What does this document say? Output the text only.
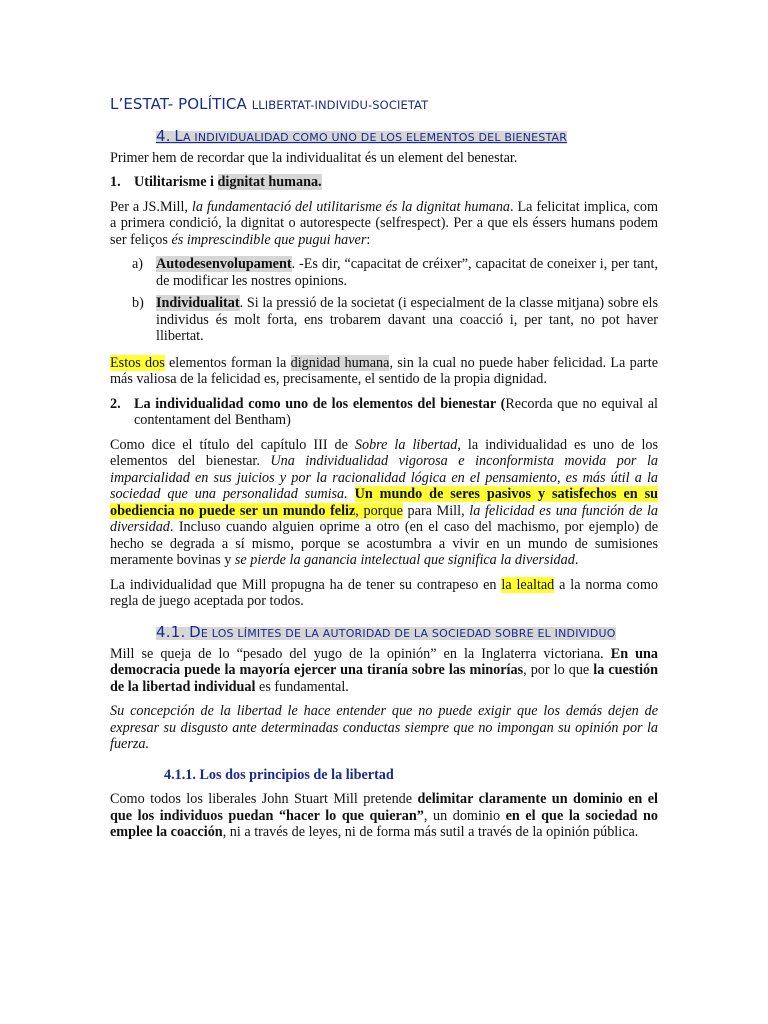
L’ESTAT- POLÍTICA LLIBERTAT-INDIVIDU-SOCIETAT
4. LA INDIVIDUALIDAD COMO UNO DE LOS ELEMENTOS DEL BIENESTAR

Primer hem de recordar que la individualitat és un element del benestar.

1. Utilitarisme i dignitat humana.

Per a JS.Mill, la fundamentació del utilitarisme és la dignitat humana. La felicitat implica, com a primera condició, la dignitat o autorespecte (selfrespect). Per a que els éssers humans podem ser feliços és imprescindible que pugui haver:

a) Autodesenvolupament. -Es dir, “capacitat de créixer”, capacitat de coneixer i, per tant, de modificar les nostres opinions.
b) Individualitat. Si la pressió de la societat (i especialment de la classe mitjana) sobre els individus és molt forta, ens trobarem davant una coacció i, per tant, no pot haver llibertat.

Estos dos elementos forman la dignidad humana, sin la cual no puede haber felicidad. La parte más valiosa de la felicidad es, precisamente, el sentido de la propia dignidad.

2. La individualidad como uno de los elementos del bienestar (Recorda que no equival al contentament del Bentham)

Como dice el título del capítulo III de Sobre la libertad, la individualidad es uno de los elementos del bienestar. Una individualidad vigorosa e inconformista movida por la imparcialidad en sus juicios y por la racionalidad lógica en el pensamiento, es más útil a la sociedad que una personalidad sumisa. Un mundo de seres pasivos y satisfechos en su obediencia no puede ser un mundo feliz, porque para Mill, la felicidad es una función de la diversidad. Incluso cuando alguien oprime a otro (en el caso del machismo, por ejemplo) de hecho se degrada a sí mismo, porque se acostumbra a vivir en un mundo de sumisiones meramente bovinas y se pierde la ganancia intelectual que significa la diversidad.

La individualidad que Mill propugna ha de tener su contrapeso en la lealtad a la norma como regla de juego aceptada por todos.

4.1. DE LOS LÍMITES DE LA AUTORIDAD DE LA SOCIEDAD SOBRE EL INDIVIDUO

Mill se queja de lo “pesado del yugo de la opinión” en la Inglaterra victoriana. En una democracia puede la mayoría ejercer una tiranía sobre las minorías, por lo que la cuestión de la libertad individual es fundamental.

Su concepción de la libertad le hace entender que no puede exigir que los demás dejen de expresar su disgusto ante determinadas conductas siempre que no impongan su opinión por la fuerza.

4.1.1. Los dos principios de la libertad

Como todos los liberales John Stuart Mill pretende delimitar claramente un dominio en el que los individuos puedan “hacer lo que quieran”, un dominio en el que la sociedad no emplee la coacción, ni a través de leyes, ni de forma más sutil a través de la opinión pública.
